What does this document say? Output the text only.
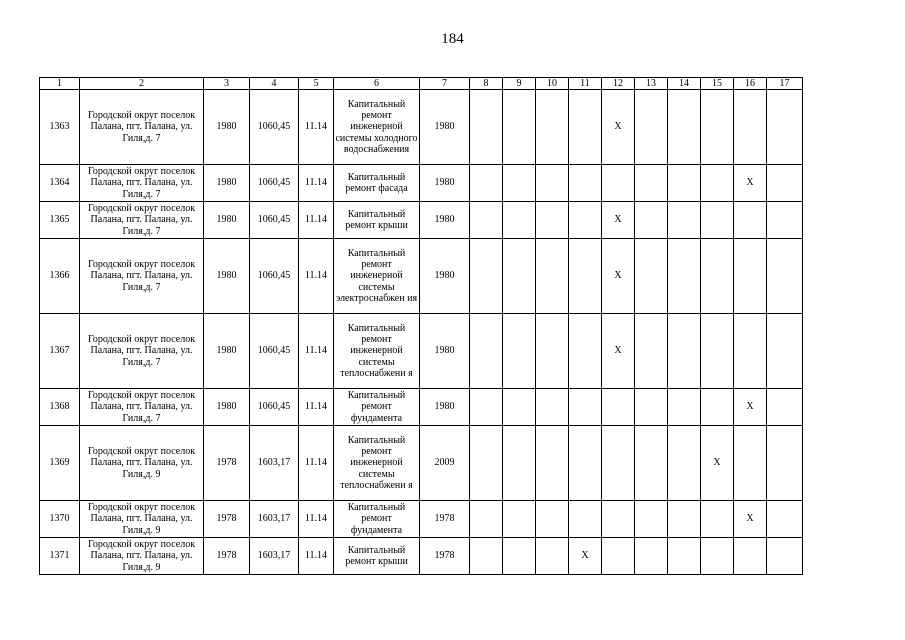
184
1	2	3	4	5	6	7	8	9	10	11	12	13	14	15	16	17
1363	Городской округ поселок Палана, пгт. Палана, ул. Гиля,д. 7	1980	1060,45	11.14	Капитальный ремонт инженерной системы холодного водоснабжения	1980					X					
1364	Городской округ поселок Палана, пгт. Палана, ул. Гиля,д. 7	1980	1060,45	11.14	Капитальный ремонт фасада	1980									X	
1365	Городской округ поселок Палана, пгт. Палана, ул. Гиля,д. 7	1980	1060,45	11.14	Капитальный ремонт крыши	1980					X					
1366	Городской округ поселок Палана, пгт. Палана, ул. Гиля,д. 7	1980	1060,45	11.14	Капитальный ремонт инженерной системы электроснабжен ия	1980					X					
1367	Городской округ поселок Палана, пгт. Палана, ул. Гиля,д. 7	1980	1060,45	11.14	Капитальный ремонт инженерной системы теплоснабжени я	1980					X					
1368	Городской округ поселок Палана, пгт. Палана, ул. Гиля,д. 7	1980	1060,45	11.14	Капитальный ремонт фундамента	1980									X	
1369	Городской округ поселок Палана, пгт. Палана, ул. Гиля,д. 9	1978	1603,17	11.14	Капитальный ремонт инженерной системы теплоснабжени я	2009								X		
1370	Городской округ поселок Палана, пгт. Палана, ул. Гиля,д. 9	1978	1603,17	11.14	Капитальный ремонт фундамента	1978									X	
1371	Городской округ поселок Палана, пгт. Палана, ул. Гиля,д. 9	1978	1603,17	11.14	Капитальный ремонт крыши	1978				X						
